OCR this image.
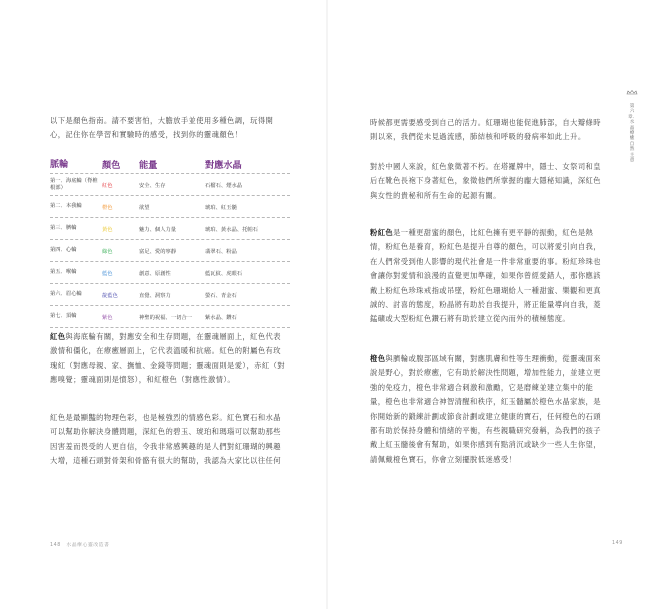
以下是顏色指南。請不要害怕，大膽放手並使用多種色調，玩得開心，記住你在學習和實驗時的感受，找到你的靈魂顏色！

脈輪	顏色	能量	對應水晶
第一．海底輪（脊椎根部）	紅色	安全、生存	石榴石、煙水晶
第二．本我輪	橙色	欲望	琥珀、紅玉髓
第三．臍輪	黃色	魅力、個人力量	琥珀、黃水晶、托帕石
第四．心輪	綠色	富足、愛的寧靜	翡翠石、粉晶
第五．喉輪	藍色	創意、原創性	藍瓦紋、虎眼石
第六．眉心輪	靛藍色	直覺、洞察力	螢石、青金石
第七．頂輪	紫色	神聖的祝福、一切合一	紫水晶、鑽石

紅色與海底輪有關，對應安全和生存問題，在靈魂層面上，紅色代表激情和僵化，在療癒層面上，它代表溫暖和抗癌。紅色的附屬色有玫瑰紅（對應母親、家、撫恤、金錢等問題；靈魂面則是愛），赤紅（對應嗅覺；靈魂面則是憤怒），和紅橙色（對應性激情）。

紅色是最顯豔的物理色彩，也是極強烈的情感色彩。紅色寶石和水晶可以幫助你解決身體問題，深紅色的碧玉、琥珀和瑪瑙可以幫助那些因害羞而畏受的人更自信，令我非常感興趣的是人們對紅珊瑚的興趣大增，這種石頭對骨架和骨骼有很大的幫助，我認為大家比以往任何

148　水晶療心靈改造書

時候都更需要感受到自己的活力。紅珊瑚也能促進肺部，自大瓣條時則以來，我們從未見過流感，肺結核和呼吸的發病率如此上升。

對於中國人來說，紅色象徵著不朽。在塔羅牌中，隱士、女祭司和皇后在靴色長袍下身著紅色，象徵他們所掌握的龐大隱秘知識，深紅色與女性的貴秘和所有生命的起源有關。

粉紅色是一種更甜蜜的顏色，比紅色擁有更平靜的振動，紅色是熱情，粉紅色是養育，粉紅色是提升自尊的顏色，可以將愛引向自我，在人們常受到他人影響的現代社會是一件非常重要的事。粉紅珍珠也會讓你對愛情和浪漫的直覺更加準確，如果你曾經愛錯人，那你應該戴上粉紅色珍珠戒指或吊墜，粉紅色珊瑚給人一種甜蜜、樂觀和更真誠的、討喜的態度，粉晶將有助於自我提升，將正能量導向自我，菱錳礦或大型粉紅色鑽石將有助於建立從內而外的積極態度。

橙色與臍輪或腹部區域有關，對應肌膚和性等生理衝動，從靈魂面來說是野心，對於療癒，它有助於解決性問題，增加性能力，並建立更強的免疫力，橙色非常適合刺激和激勵，它是磨練並建立集中的能量，橙色也非常適合神智清醒和秩序，紅玉髓屬於橙色水晶家族，是你開始新的鍛練計劃或節食計劃或建立健康的寶石，任何橙色的石頭都有助於保持身體和情緒的平衡，有些親職研究發稱，為我們的孩子戴上紅玉髓後會有幫助，如果你感到有點消沉或缺少一些人生你望，請佩戴橙色寶石，你會立刻擺脫低迷感受！

第六章．水晶療癒自然主意
149
